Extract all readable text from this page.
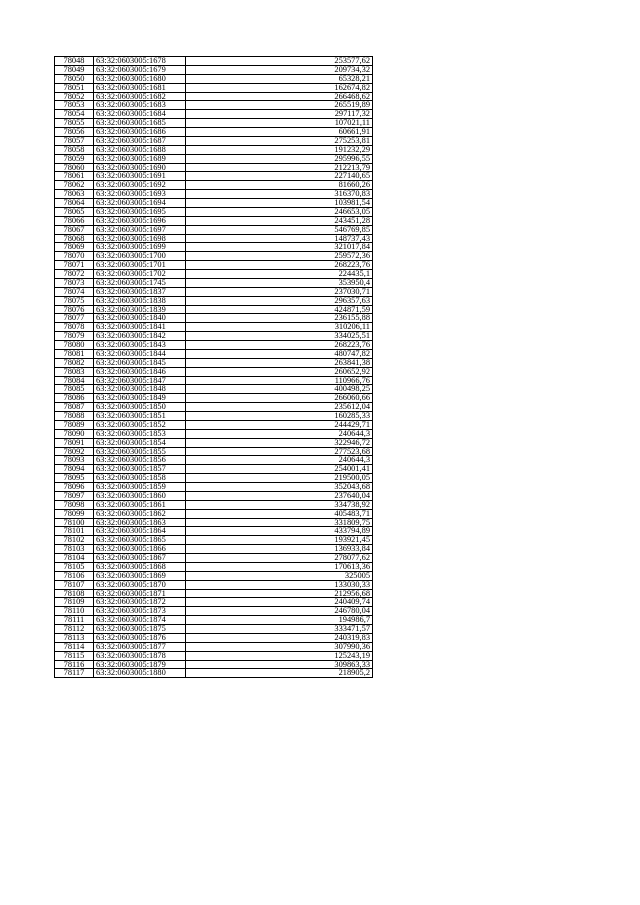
78048	63:32:0603005:1678	253577,62
78049	63:32:0603005:1679	209734,32
78050	63:32:0603005:1680	65328,21
78051	63:32:0603005:1681	162674,82
78052	63:32:0603005:1682	266468,62
78053	63:32:0603005:1683	265519,89
78054	63:32:0603005:1684	297117,32
78055	63:32:0603005:1685	107021,11
78056	63:32:0603005:1686	60661,91
78057	63:32:0603005:1687	275253,81
78058	63:32:0603005:1688	191232,29
78059	63:32:0603005:1689	295996,55
78060	63:32:0603005:1690	212213,79
78061	63:32:0603005:1691	227140,65
78062	63:32:0603005:1692	81660,26
78063	63:32:0603005:1693	316370,83
78064	63:32:0603005:1694	103981,54
78065	63:32:0603005:1695	246653,05
78066	63:32:0603005:1696	243451,28
78067	63:32:0603005:1697	546769,85
78068	63:32:0603005:1698	148737,43
78069	63:32:0603005:1699	321017,84
78070	63:32:0603005:1700	259572,36
78071	63:32:0603005:1701	268223,76
78072	63:32:0603005:1702	224435,1
78073	63:32:0603005:1745	353950,4
78074	63:32:0603005:1837	237030,71
78075	63:32:0603005:1838	296357,63
78076	63:32:0603005:1839	424871,59
78077	63:32:0603005:1840	236155,88
78078	63:32:0603005:1841	310206,11
78079	63:32:0603005:1842	334025,51
78080	63:32:0603005:1843	268223,76
78081	63:32:0603005:1844	480747,82
78082	63:32:0603005:1845	263841,38
78083	63:32:0603005:1846	260652,92
78084	63:32:0603005:1847	110966,76
78085	63:32:0603005:1848	400498,25
78086	63:32:0603005:1849	266060,66
78087	63:32:0603005:1850	235612,04
78088	63:32:0603005:1851	160285,33
78089	63:32:0603005:1852	244429,71
78090	63:32:0603005:1853	240644,3
78091	63:32:0603005:1854	322946,72
78092	63:32:0603005:1855	277523,68
78093	63:32:0603005:1856	240644,3
78094	63:32:0603005:1857	254001,41
78095	63:32:0603005:1858	219500,05
78096	63:32:0603005:1859	352043,68
78097	63:32:0603005:1860	237640,04
78098	63:32:0603005:1861	334738,92
78099	63:32:0603005:1862	405483,71
78100	63:32:0603005:1863	331809,75
78101	63:32:0603005:1864	433794,89
78102	63:32:0603005:1865	193921,45
78103	63:32:0603005:1866	136933,84
78104	63:32:0603005:1867	278077,62
78105	63:32:0603005:1868	170613,36
78106	63:32:0603005:1869	325005
78107	63:32:0603005:1870	133030,33
78108	63:32:0603005:1871	212956,68
78109	63:32:0603005:1872	240409,74
78110	63:32:0603005:1873	246780,04
78111	63:32:0603005:1874	194986,7
78112	63:32:0603005:1875	333471,57
78113	63:32:0603005:1876	240319,83
78114	63:32:0603005:1877	307990,36
78115	63:32:0603005:1878	125243,19
78116	63:32:0603005:1879	309863,33
78117	63:32:0603005:1880	218905,2
